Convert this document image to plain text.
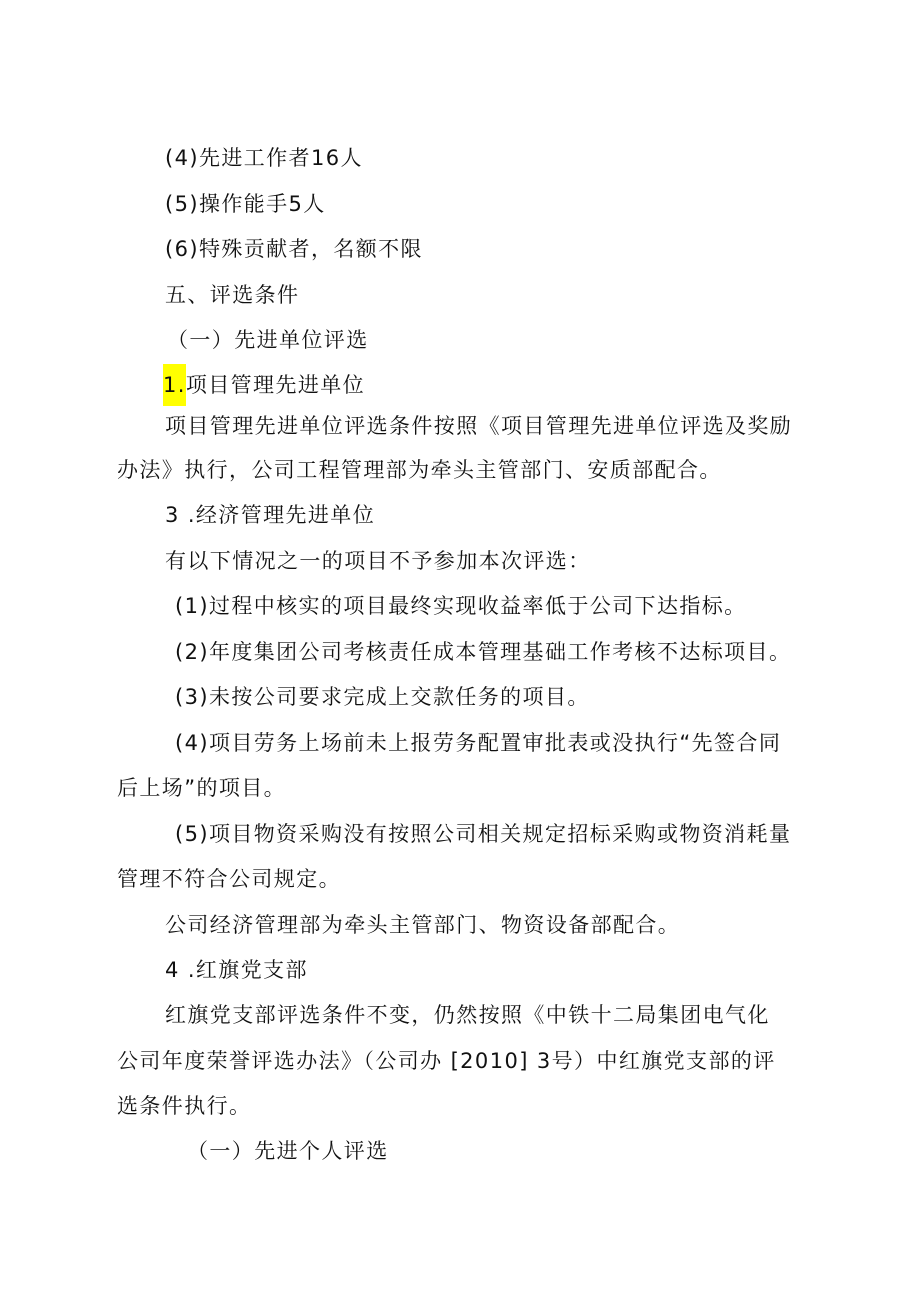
(4)先进工作者16人
(5)操作能手5人
(6)特殊贡献者，名额不限
五、评选条件
（一）先进单位评选
1.项目管理先进单位
项目管理先进单位评选条件按照《项目管理先进单位评选及奖励
办法》执行，公司工程管理部为牵头主管部门、安质部配合。
3 .经济管理先进单位
有以下情况之一的项目不予参加本次评选：
(1)过程中核实的项目最终实现收益率低于公司下达指标。
(2)年度集团公司考核责任成本管理基础工作考核不达标项目。
(3)未按公司要求完成上交款任务的项目。
(4)项目劳务上场前未上报劳务配置审批表或没执行“先签合同
后上场”的项目。
(5)项目物资采购没有按照公司相关规定招标采购或物资消耗量
管理不符合公司规定。
公司经济管理部为牵头主管部门、物资设备部配合。
4 .红旗党支部
红旗党支部评选条件不变，仍然按照《中铁十二局集团电气化
公司年度荣誉评选办法》（公司办 [2010] 3号）中红旗党支部的评
选条件执行。
（一）先进个人评选
